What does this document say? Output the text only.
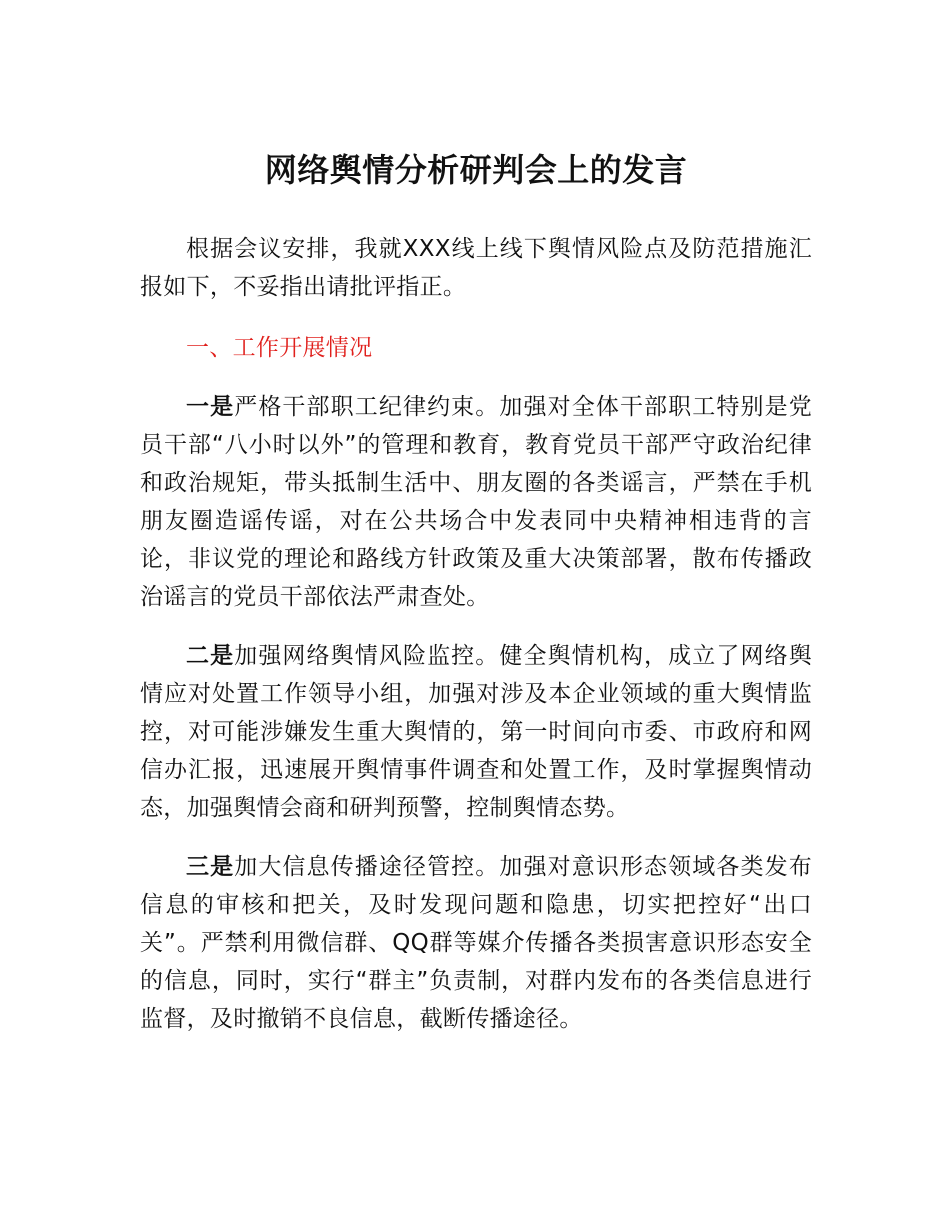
网络舆情分析研判会上的发言

根据会议安排，我就XXX线上线下舆情风险点及防范措施汇报如下，不妥指出请批评指正。

一、工作开展情况

一是严格干部职工纪律约束。加强对全体干部职工特别是党员干部“八小时以外”的管理和教育，教育党员干部严守政治纪律和政治规矩，带头抵制生活中、朋友圈的各类谣言，严禁在手机朋友圈造谣传谣，对在公共场合中发表同中央精神相违背的言论，非议党的理论和路线方针政策及重大决策部署，散布传播政治谣言的党员干部依法严肃查处。

二是加强网络舆情风险监控。健全舆情机构，成立了网络舆情应对处置工作领导小组，加强对涉及本企业领域的重大舆情监控，对可能涉嫌发生重大舆情的，第一时间向市委、市政府和网信办汇报，迅速展开舆情事件调查和处置工作，及时掌握舆情动态，加强舆情会商和研判预警，控制舆情态势。

三是加大信息传播途径管控。加强对意识形态领域各类发布信息的审核和把关，及时发现问题和隐患，切实把控好“出口关”。严禁利用微信群、QQ群等媒介传播各类损害意识形态安全的信息，同时，实行“群主”负责制，对群内发布的各类信息进行监督，及时撤销不良信息，截断传播途径。
